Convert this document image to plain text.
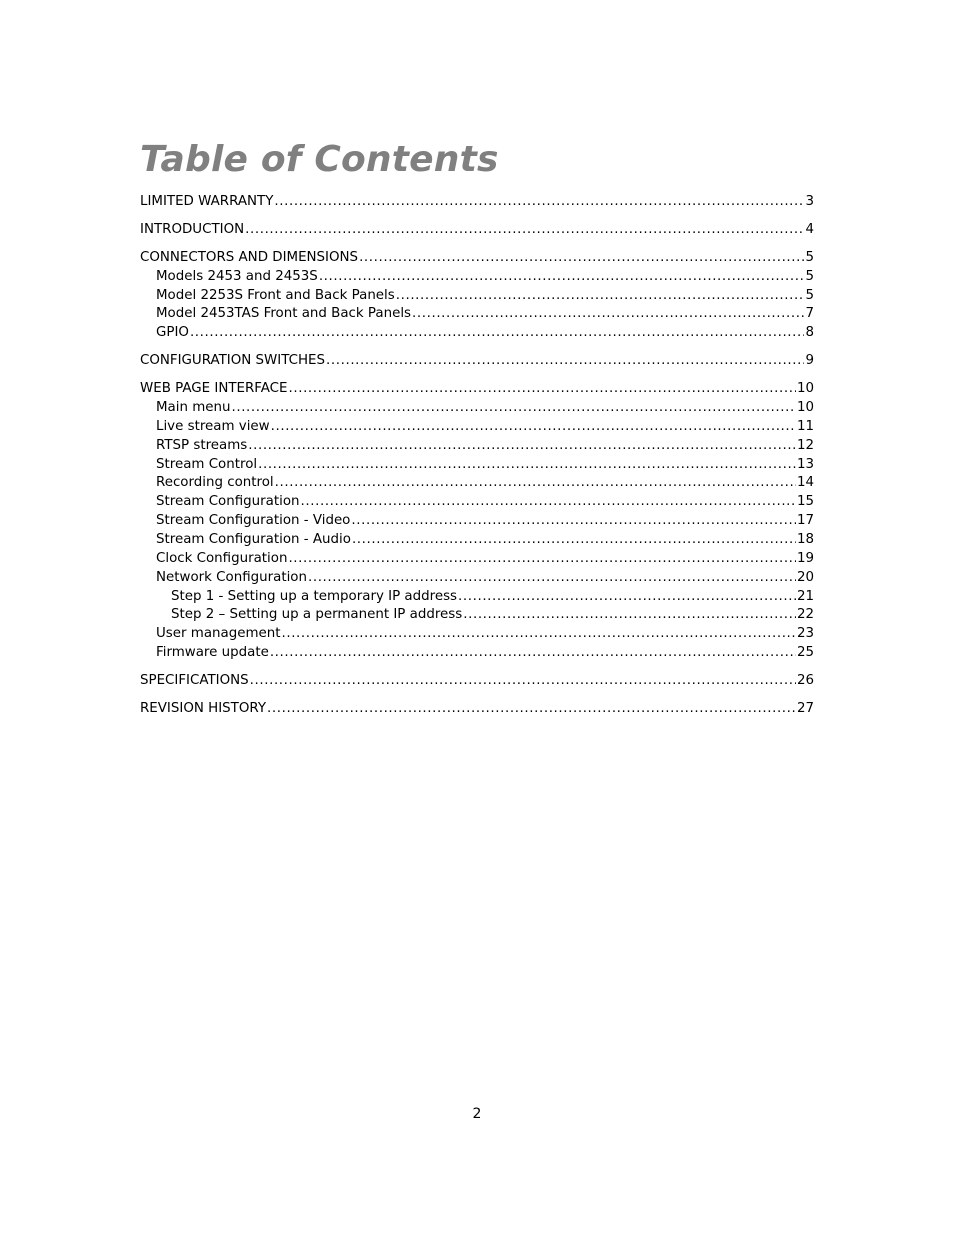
Table of Contents
LIMITED WARRANTY .....	3
INTRODUCTION .....	4
CONNECTORS AND DIMENSIONS .....	5
Models 2453 and 2453S .....	5
Model 2253S Front and Back Panels .....	5
Model 2453TAS Front and Back Panels .....	7
GPIO .....	8
CONFIGURATION SWITCHES .....	9
WEB PAGE INTERFACE .....	10
Main menu .....	10
Live stream view .....	11
RTSP streams .....	12
Stream Control .....	13
Recording control .....	14
Stream Configuration .....	15
Stream Configuration - Video .....	17
Stream Configuration - Audio .....	18
Clock Configuration .....	19
Network Configuration .....	20
Step 1 - Setting up a temporary IP address .....	21
Step 2 – Setting up a permanent IP address .....	22
User management .....	23
Firmware update .....	25
SPECIFICATIONS .....	26
REVISION HISTORY .....	27
2
